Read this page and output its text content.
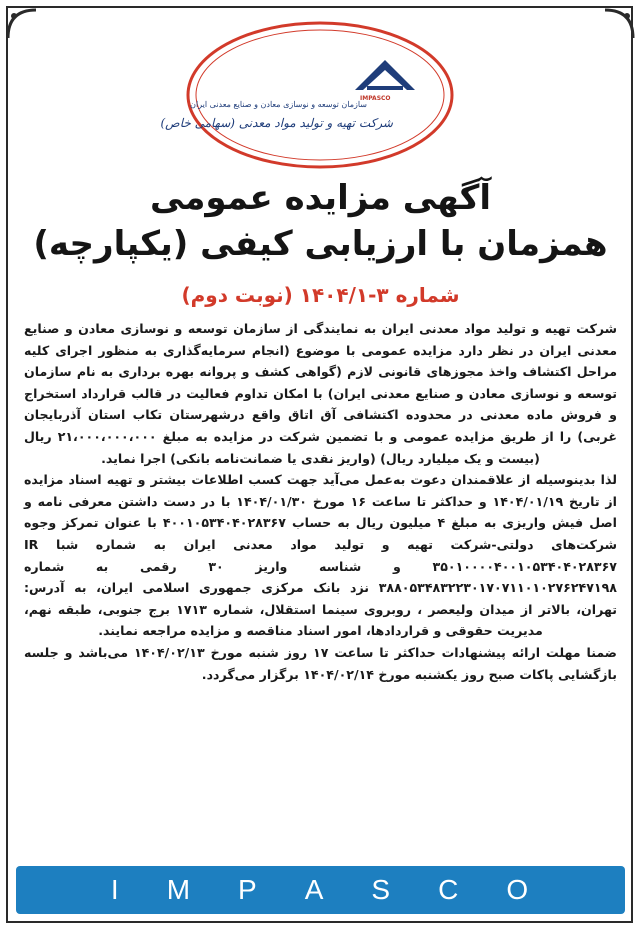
IMPASCO
سازمان توسعه و نوسازی معادن و صنایع معدنی ایران
شرکت تهیه و تولید مواد معدنی (سهامی خاص)
آگهی مزایده عمومی
همزمان با ارزیابی کیفی (یکپارچه)
شماره ۳-۱۴۰۴/۱ (نوبت دوم)

شرکت تهیه و تولید مواد معدنی ایران به نمایندگی از سازمان توسعه و نوسازی معادن و صنایع معدنی ایران در نظر دارد مزایده عمومی با موضوع (انجام سرمایه‌گذاری به منظور اجرای کلیه مراحل اکتشاف واخذ مجوزهای قانونی لازم (گواهی کشف و پروانه بهره برداری به نام سازمان توسعه و نوسازی معادن و صنایع معدنی ایران) با امکان تداوم فعالیت در قالب قرارداد استخراج و فروش ماده معدنی در محدوده اکتشافی آق اتاق واقع درشهرستان تکاب استان آذربایجان غربی) را از طریق مزایده عمومی و با تضمین شرکت در مزایده به مبلغ ۲۱،۰۰۰،۰۰۰،۰۰۰ ریال (بیست و یک میلیارد ریال) (واریز نقدی یا ضمانت‌نامه بانکی) اجرا نماید.

لذا بدینوسیله از علاقمندان دعوت به‌عمل می‌آید جهت کسب اطلاعات بیشتر و تهیه اسناد مزایده از تاریخ ۱۴۰۴/۰۱/۱۹ و حداکثر تا ساعت ۱۶ مورخ ۱۴۰۴/۰۱/۳۰ با در دست داشتن معرفی نامه و اصل فیش واریزی به مبلغ ۴ میلیون ریال به حساب ۴۰۰۱۰۵۳۴۰۴۰۲۸۳۶۷ با عنوان تمرکز وجوه شرکت‌های دولتی-شرکت تهیه و تولید مواد معدنی ایران به شماره شبا IR ۳۵۰۱۰۰۰۰۴۰۰۱۰۵۳۴۰۴۰۲۸۳۶۷ و شناسه واریز ۳۰ رقمی به شماره ۳۸۸۰۵۳۴۸۳۲۲۳۰۱۷۰۷۱۱۰۱۰۲۷۶۲۴۷۱۹۸ نزد بانک مرکزی جمهوری اسلامی ایران، به آدرس: تهران، بالاتر از میدان ولیعصر ، روبروی سینما استقلال، شماره ۱۷۱۳ برج جنوبی، طبقه نهم، مدیریت حقوقی و قراردادها، امور اسناد مناقصه و مزایده مراجعه نمایند.

ضمنا مهلت ارائه پیشنهادات حداکثر تا ساعت ۱۷ روز شنبه مورخ ۱۴۰۴/۰۲/۱۳ می‌باشد و جلسه بازگشایی پاکات صبح روز یکشنبه مورخ ۱۴۰۴/۰۲/۱۴ برگزار می‌گردد.

I M P A S C O
